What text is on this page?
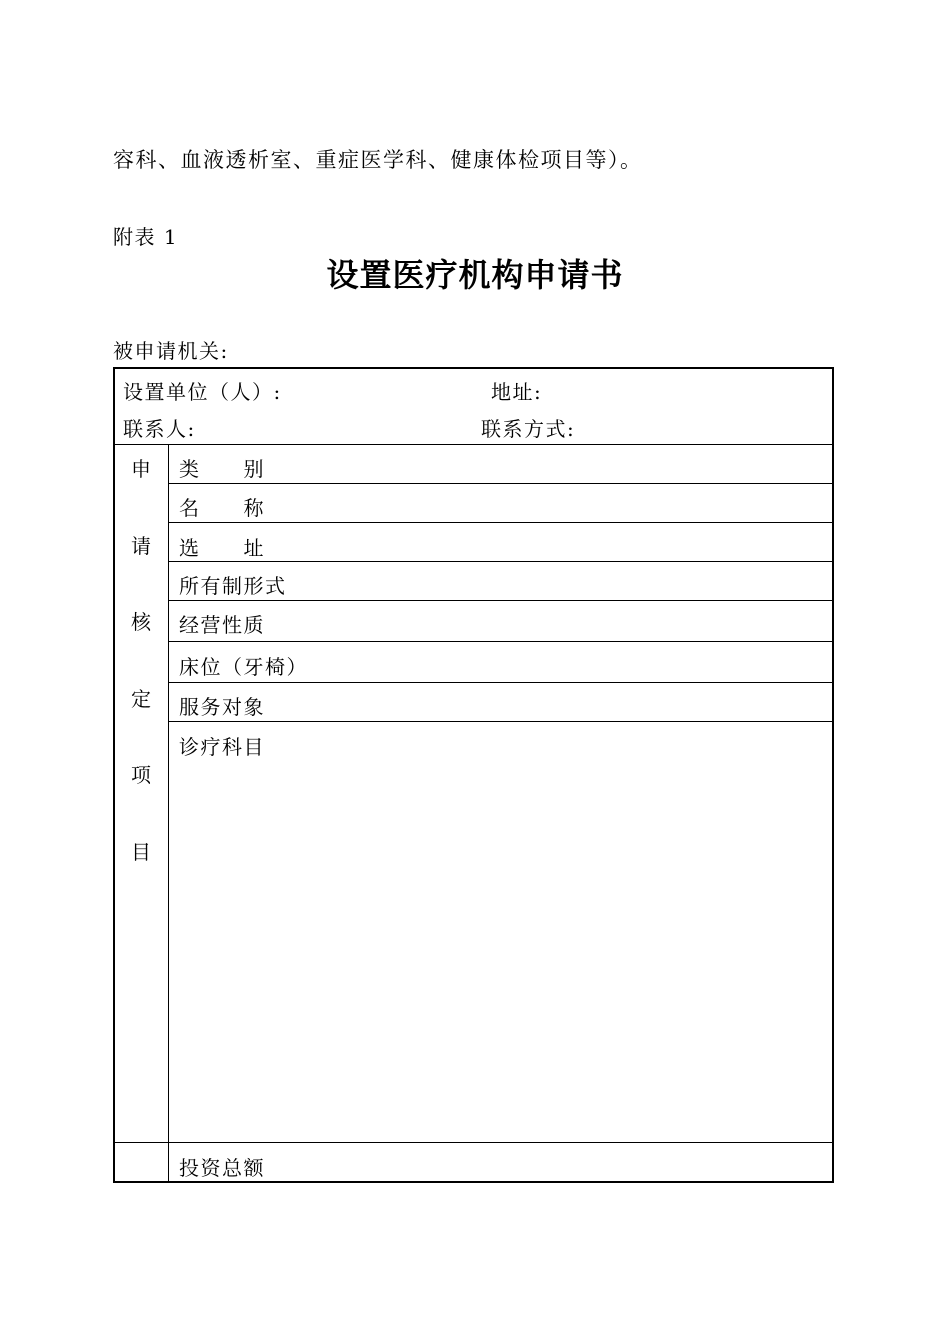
容科、血液透析室、重症医学科、健康体检项目等）。
附表 1
设置医疗机构申请书
被申请机关:
设置单位（人）:	地址:
联系人:	联系方式:
申
请
核
定
项
目
类　　别
名　　称
选　　址
所有制形式
经营性质
床位（牙椅）
服务对象
诊疗科目
投资总额
